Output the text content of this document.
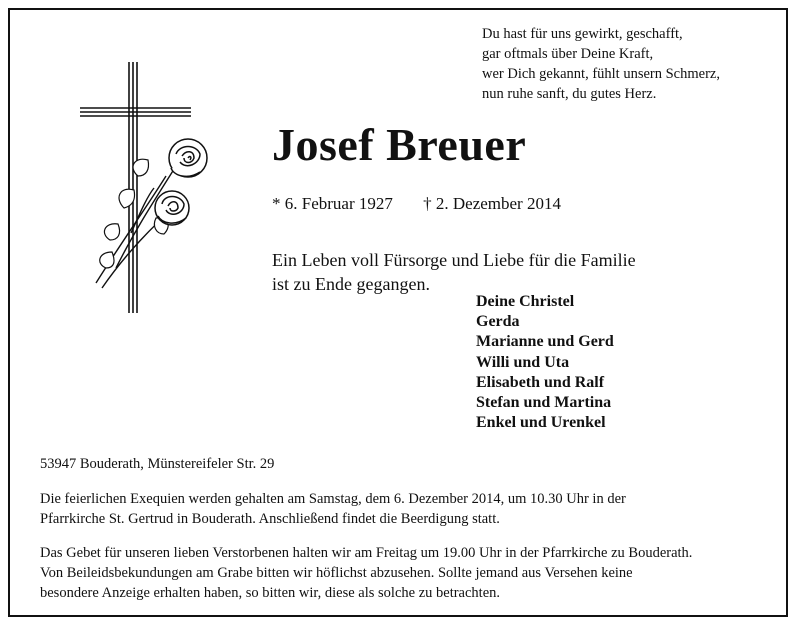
Du hast für uns gewirkt, geschafft,
gar oftmals über Deine Kraft,
wer Dich gekannt, fühlt unsern Schmerz,
nun ruhe sanft, du gutes Herz.
Josef Breuer
* 6. Februar 1927 † 2. Dezember 2014
Ein Leben voll Fürsorge und Liebe für die Familie
ist zu Ende gegangen.
Deine Christel
Gerda
Marianne und Gerd
Willi und Uta
Elisabeth und Ralf
Stefan und Martina
Enkel und Urenkel
53947 Bouderath, Münstereifeler Str. 29
Die feierlichen Exequien werden gehalten am Samstag, dem 6. Dezember 2014, um 10.30 Uhr in der
Pfarrkirche St. Gertrud in Bouderath. Anschließend findet die Beerdigung statt.
Das Gebet für unseren lieben Verstorbenen halten wir am Freitag um 19.00 Uhr in der Pfarrkirche zu Bouderath.
Von Beileidsbekundungen am Grabe bitten wir höflichst abzusehen. Sollte jemand aus Versehen keine
besondere Anzeige erhalten haben, so bitten wir, diese als solche zu betrachten.
